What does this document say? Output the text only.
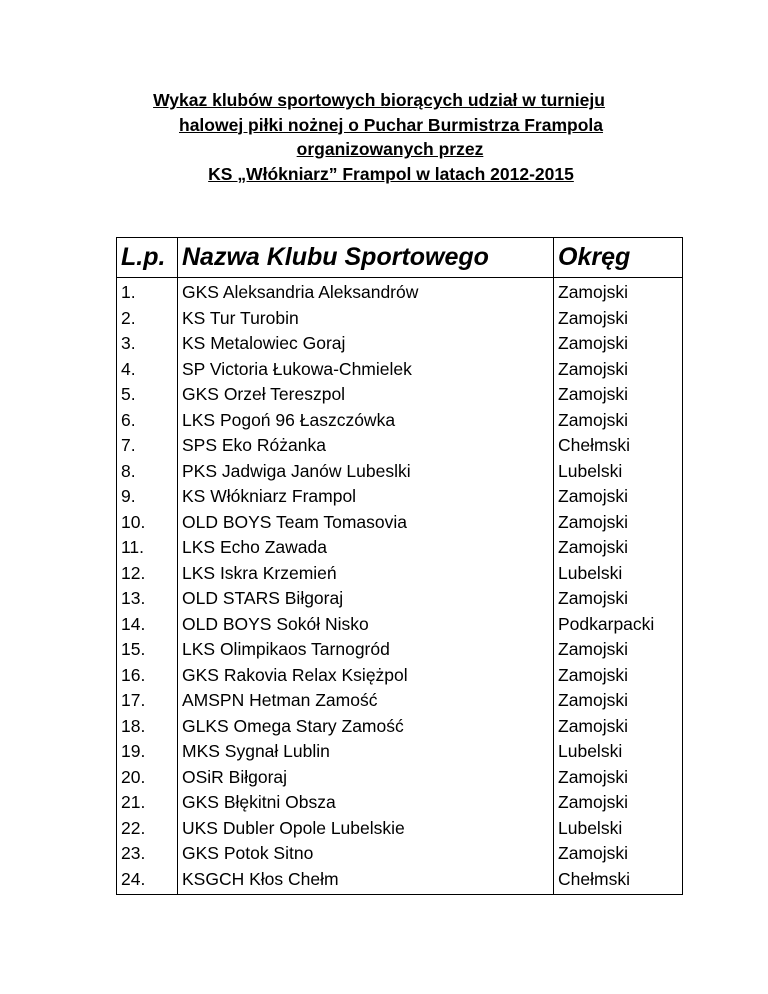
Wykaz klubów sportowych biorących udział w turnieju
halowej piłki nożnej o Puchar Burmistrza Frampola
organizowanych przez
KS „Włókniarz” Frampol w latach 2012-2015
L.p.	Nazwa Klubu Sportowego	Okręg
1.	GKS Aleksandria Aleksandrów	Zamojski
2.	KS Tur Turobin	Zamojski
3.	KS Metalowiec Goraj	Zamojski
4.	SP Victoria Łukowa-Chmielek	Zamojski
5.	GKS Orzeł Tereszpol	Zamojski
6.	LKS Pogoń 96 Łaszczówka	Zamojski
7.	SPS Eko Różanka	Chełmski
8.	PKS Jadwiga Janów Lubeslki	Lubelski
9.	KS Włókniarz Frampol	Zamojski
10.	OLD BOYS Team Tomasovia	Zamojski
11.	LKS Echo Zawada	Zamojski
12.	LKS Iskra Krzemień	Lubelski
13.	OLD STARS Biłgoraj	Zamojski
14.	OLD BOYS Sokół Nisko	Podkarpacki
15.	LKS Olimpikaos Tarnogród	Zamojski
16.	GKS Rakovia Relax Księżpol	Zamojski
17.	AMSPN Hetman Zamość	Zamojski
18.	GLKS Omega Stary Zamość	Zamojski
19.	MKS Sygnał Lublin	Lubelski
20.	OSiR Biłgoraj	Zamojski
21.	GKS Błękitni Obsza	Zamojski
22.	UKS Dubler Opole Lubelskie	Lubelski
23.	GKS Potok Sitno	Zamojski
24.	KSGCH Kłos Chełm	Chełmski
